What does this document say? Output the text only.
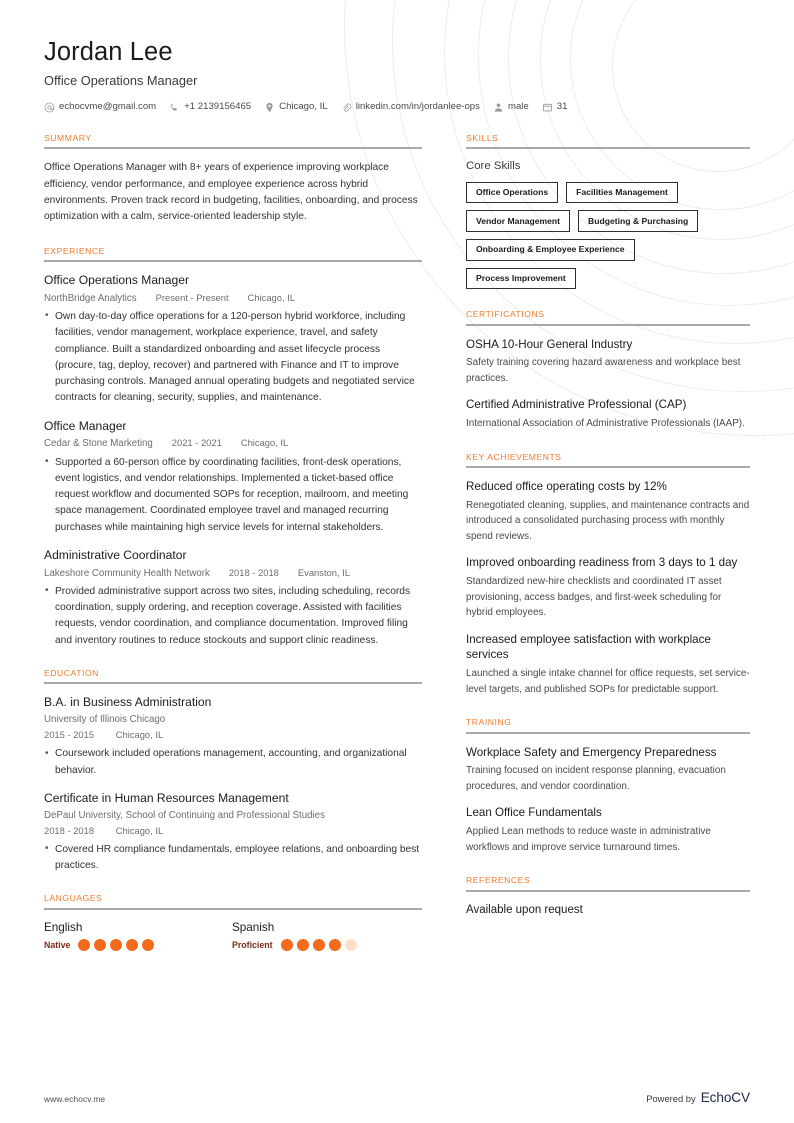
Jordan Lee
Office Operations Manager
echocvme@gmail.com	+1 2139156465	Chicago, IL	linkedin.com/in/jordanlee-ops	male	31
SUMMARY

Office Operations Manager with 8+ years of experience improving workplace efficiency, vendor performance, and employee experience across hybrid environments. Proven track record in budgeting, facilities, onboarding, and process optimization with a calm, service-oriented leadership style.

EXPERIENCE
Office Operations Manager
NorthBridge Analytics Present - Present Chicago, IL
• Own day-to-day office operations for a 120-person hybrid workforce, including facilities, vendor management, workplace experience, travel, and safety compliance. Built a standardized onboarding and asset lifecycle process (procure, tag, deploy, recover) and partnered with Finance and IT to improve purchasing controls. Managed annual operating budgets and negotiated service contracts for cleaning, security, supplies, and maintenance.
Office Manager
Cedar & Stone Marketing 2021 - 2021 Chicago, IL
• Supported a 60-person office by coordinating facilities, front-desk operations, event logistics, and vendor relationships. Implemented a ticket-based office request workflow and documented SOPs for reception, mailroom, and meeting space management. Coordinated employee travel and managed recurring purchases while maintaining high service levels for internal stakeholders.
Administrative Coordinator
Lakeshore Community Health Network 2018 - 2018 Evanston, IL
• Provided administrative support across two sites, including scheduling, records coordination, supply ordering, and reception coverage. Assisted with facilities requests, vendor coordination, and compliance documentation. Improved filing and inventory routines to reduce stockouts and support clinic readiness.
EDUCATION
B.A. in Business Administration
University of Illinois Chicago
2015 - 2015 Chicago, IL
• Coursework included operations management, accounting, and organizational behavior.
Certificate in Human Resources Management
DePaul University, School of Continuing and Professional Studies
2018 - 2018 Chicago, IL
• Covered HR compliance fundamentals, employee relations, and onboarding best practices.
LANGUAGES
English
Native
Spanish
Proficient
SKILLS
Core Skills
Office Operations	Facilities Management
Vendor Management	Budgeting & Purchasing
Onboarding & Employee Experience
Process Improvement
CERTIFICATIONS
OSHA 10-Hour General Industry

Safety training covering hazard awareness and workplace best practices.

Certified Administrative Professional (CAP)

International Association of Administrative Professionals (IAAP).

KEY ACHIEVEMENTS
Reduced office operating costs by 12%

Renegotiated cleaning, supplies, and maintenance contracts and introduced a consolidated purchasing process with monthly spend reviews.

Improved onboarding readiness from 3 days to 1 day

Standardized new-hire checklists and coordinated IT asset provisioning, access badges, and first-week scheduling for hybrid employees.

Increased employee satisfaction with workplace services

Launched a single intake channel for office requests, set service-level targets, and published SOPs for predictable support.

TRAINING
Workplace Safety and Emergency Preparedness

Training focused on incident response planning, evacuation procedures, and vendor coordination.

Lean Office Fundamentals

Applied Lean methods to reduce waste in administrative workflows and improve service turnaround times.

REFERENCES

Available upon request

www.echocv.me	Powered by EchoCV
